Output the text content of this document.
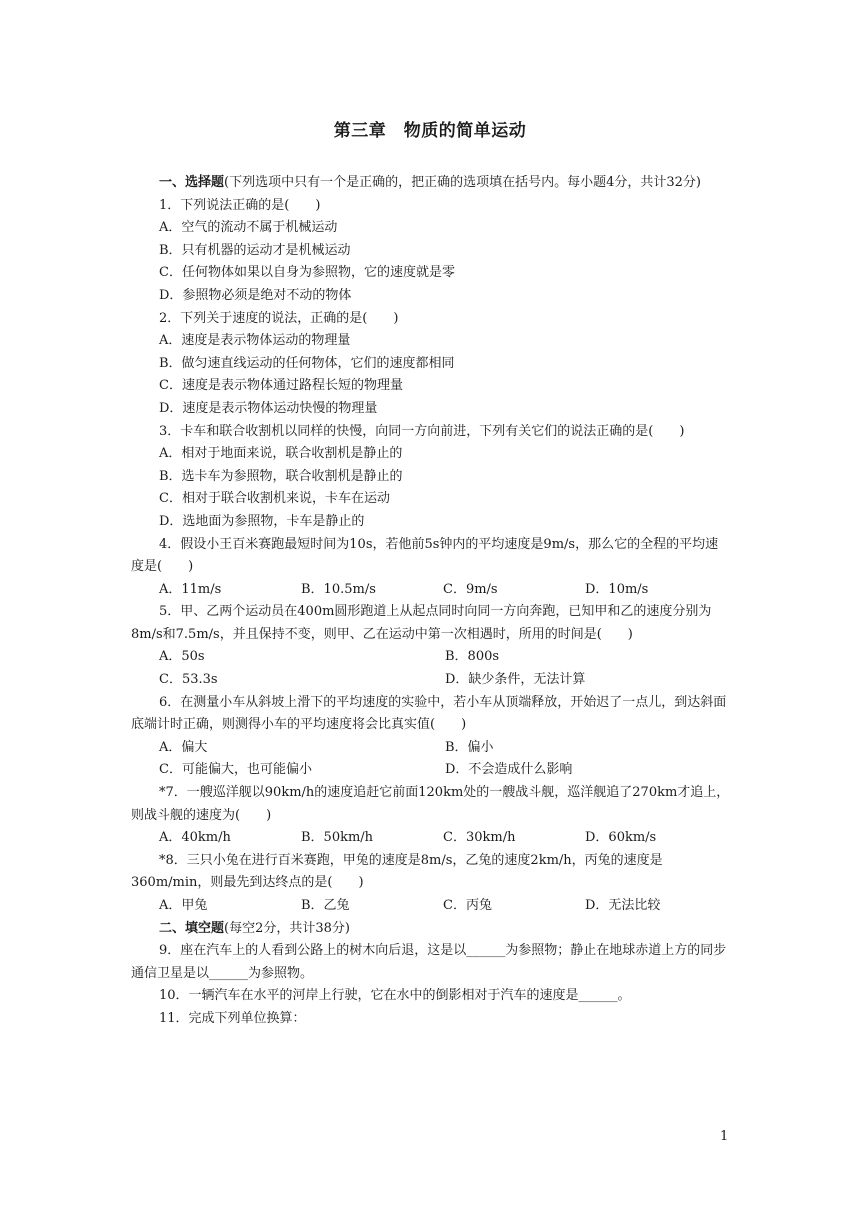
第三章　物质的简单运动

一、选择题(下列选项中只有一个是正确的，把正确的选项填在括号内。每小题4分，共计32分)

1．下列说法正确的是(　　)

A．空气的流动不属于机械运动

B．只有机器的运动才是机械运动

C．任何物体如果以自身为参照物，它的速度就是零

D．参照物必须是绝对不动的物体

2．下列关于速度的说法，正确的是(　　)

A．速度是表示物体运动的物理量

B．做匀速直线运动的任何物体，它们的速度都相同

C．速度是表示物体通过路程长短的物理量

D．速度是表示物体运动快慢的物理量

3．卡车和联合收割机以同样的快慢，向同一方向前进，下列有关它们的说法正确的是(　　)

A．相对于地面来说，联合收割机是静止的

B．选卡车为参照物，联合收割机是静止的

C．相对于联合收割机来说，卡车在运动

D．选地面为参照物，卡车是静止的

4．假设小王百米赛跑最短时间为10s，若他前5s钟内的平均速度是9m/s，那么它的全程的平均速度是(　　)

A．11m/s	B．10.5m/s	C．9m/s	D．10m/s

5．甲、乙两个运动员在400m圆形跑道上从起点同时向同一方向奔跑，已知甲和乙的速度分别为8m/s和7.5m/s，并且保持不变，则甲、乙在运动中第一次相遇时，所用的时间是(　　)

A．50s	B．800s
C．53.3s	D．缺少条件，无法计算

6．在测量小车从斜坡上滑下的平均速度的实验中，若小车从顶端释放，开始迟了一点儿，到达斜面底端计时正确，则测得小车的平均速度将会比真实值(　　)

A．偏大	B．偏小
C．可能偏大，也可能偏小	D．不会造成什么影响

*7．一艘巡洋舰以90km/h的速度追赶它前面120km处的一艘战斗舰，巡洋舰追了270km才追上，则战斗舰的速度为(　　)

A．40km/h	B．50km/h	C．30km/h	D．60km/s

*8．三只小兔在进行百米赛跑，甲兔的速度是8m/s，乙兔的速度2km/h，丙兔的速度是360m/min，则最先到达终点的是(　　)

A．甲兔	B．乙兔	C．丙兔	D．无法比较

二、填空题(每空2分，共计38分)

9．座在汽车上的人看到公路上的树木向后退，这是以______为参照物；静止在地球赤道上方的同步通信卫星是以______为参照物。

10．一辆汽车在水平的河岸上行驶，它在水中的倒影相对于汽车的速度是______。

11．完成下列单位换算：

1
